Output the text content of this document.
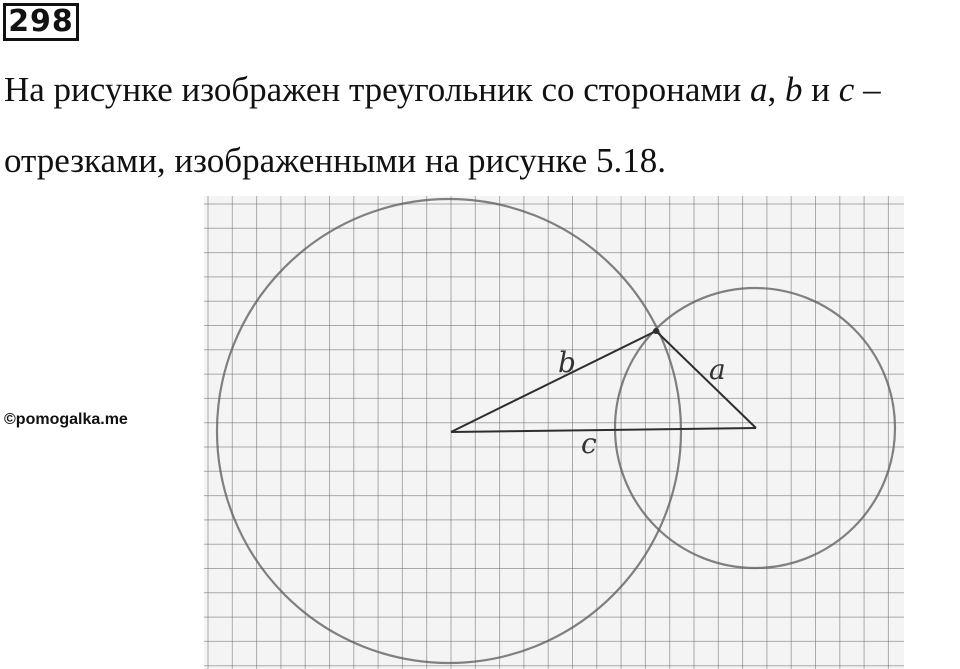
298
На рисунке изображен треугольник со сторонами a, b и c –
отрезками, изображенными на рисунке 5.18.
©pomogalka.me
b	a
c
